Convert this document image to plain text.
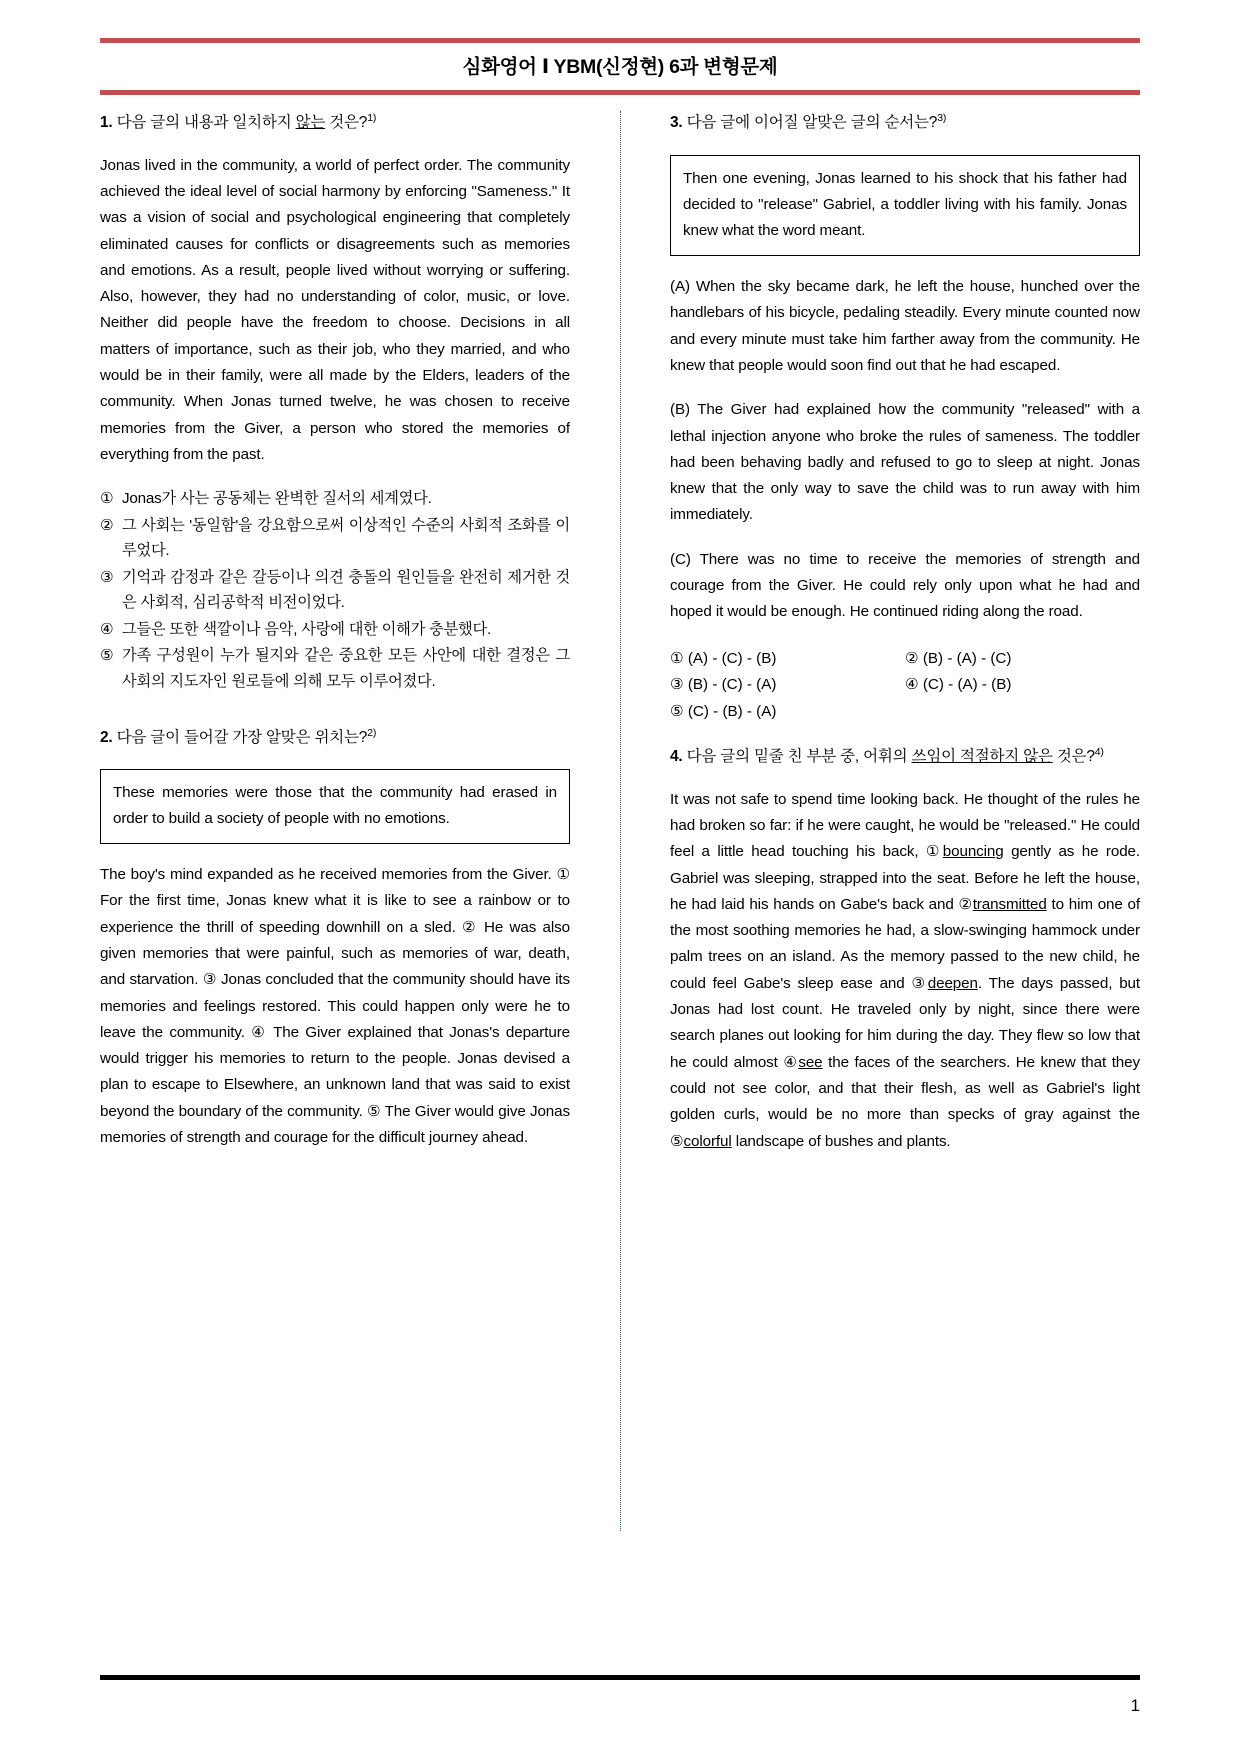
심화영어 Ⅰ YBM(신정현) 6과 변형문제
1. 다음 글의 내용과 일치하지 않는 것은?$^{1)}$
Jonas lived in the community, a world of perfect order. The community achieved the ideal level of social harmony by enforcing "Sameness." It was a vision of social and psychological engineering that completely eliminated causes for conflicts or disagreements such as memories and emotions. As a result, people lived without worrying or suffering. Also, however, they had no understanding of color, music, or love. Neither did people have the freedom to choose. Decisions in all matters of importance, such as their job, who they married, and who would be in their family, were all made by the Elders, leaders of the community. When Jonas turned twelve, he was chosen to receive memories from the Giver, a person who stored the memories of everything from the past.
① Jonas가 사는 공동체는 완벽한 질서의 세계였다.
② 그 사회는 '동일함'을 강요함으로써 이상적인 수준의 사회적 조화를 이루었다.
③ 기억과 감정과 같은 갈등이나 의견 충돌의 원인들을 완전히 제거한 것은 사회적, 심리공학적 비전이었다.
④ 그들은 또한 색깔이나 음악, 사랑에 대한 이해가 충분했다.
⑤ 가족 구성원이 누가 될지와 같은 중요한 모든 사안에 대한 결정은 그 사회의 지도자인 원로들에 의해 모두 이루어졌다.
2. 다음 글이 들어갈 가장 알맞은 위치는?$^{2)}$
These memories were those that the community had erased in order to build a society of people with no emotions.
The boy's mind expanded as he received memories from the Giver. ① For the first time, Jonas knew what it is like to see a rainbow or to experience the thrill of speeding downhill on a sled. ② He was also given memories that were painful, such as memories of war, death, and starvation. ③ Jonas concluded that the community should have its memories and feelings restored. This could happen only were he to leave the community. ④ The Giver explained that Jonas's departure would trigger his memories to return to the people. Jonas devised a plan to escape to Elsewhere, an unknown land that was said to exist beyond the boundary of the community. ⑤ The Giver would give Jonas memories of strength and courage for the difficult journey ahead.
3. 다음 글에 이어질 알맞은 글의 순서는?$^{3)}$
Then one evening, Jonas learned to his shock that his father had decided to "release" Gabriel, a toddler living with his family. Jonas knew what the word meant.
(A) When the sky became dark, he left the house, hunched over the handlebars of his bicycle, pedaling steadily. Every minute counted now and every minute must take him farther away from the community. He knew that people would soon find out that he had escaped.
(B) The Giver had explained how the community "released" with a lethal injection anyone who broke the rules of sameness. The toddler had been behaving badly and refused to go to sleep at night. Jonas knew that the only way to save the child was to run away with him immediately.
(C) There was no time to receive the memories of strength and courage from the Giver. He could rely only upon what he had and hoped it would be enough. He continued riding along the road.
① (A) - (C) - (B)	② (B) - (A) - (C)
③ (B) - (C) - (A)	④ (C) - (A) - (B)
⑤ (C) - (B) - (A)
4. 다음 글의 밑줄 친 부분 중, 어휘의 쓰임이 적절하지 않은 것은?$^{4)}$
It was not safe to spend time looking back. He thought of the rules he had broken so far: if he were caught, he would be "released." He could feel a little head touching his back, ①bouncing gently as he rode. Gabriel was sleeping, strapped into the seat. Before he left the house, he had laid his hands on Gabe's back and ②transmitted to him one of the most soothing memories he had, a slow-swinging hammock under palm trees on an island. As the memory passed to the new child, he could feel Gabe's sleep ease and ③deepen. The days passed, but Jonas had lost count. He traveled only by night, since there were search planes out looking for him during the day. They flew so low that he could almost ④see the faces of the searchers. He knew that they could not see color, and that their flesh, as well as Gabriel's light golden curls, would be no more than specks of gray against the ⑤colorful landscape of bushes and plants.
1
